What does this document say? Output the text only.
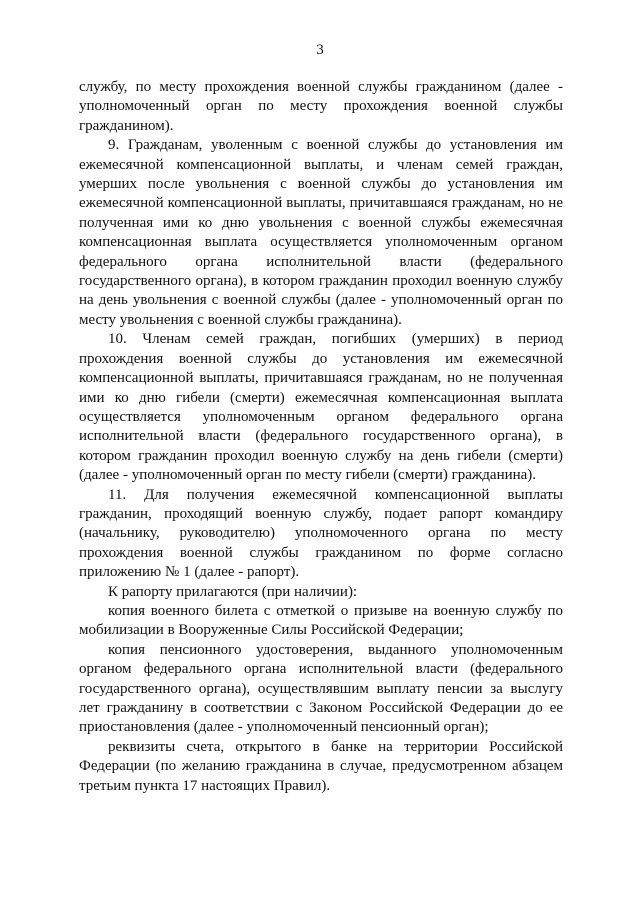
3

службу, по месту прохождения военной службы гражданином (далее - уполномоченный орган по месту прохождения военной службы гражданином).

9. Гражданам, уволенным с военной службы до установления им ежемесячной компенсационной выплаты, и членам семей граждан, умерших после увольнения с военной службы до установления им ежемесячной компенсационной выплаты, причитавшаяся гражданам, но не полученная ими ко дню увольнения с военной службы ежемесячная компенсационная выплата осуществляется уполномоченным органом федерального органа исполнительной власти (федерального государственного органа), в котором гражданин проходил военную службу на день увольнения с военной службы (далее - уполномоченный орган по месту увольнения с военной службы гражданина).

10. Членам семей граждан, погибших (умерших) в период прохождения военной службы до установления им ежемесячной компенсационной выплаты, причитавшаяся гражданам, но не полученная ими ко дню гибели (смерти) ежемесячная компенсационная выплата осуществляется уполномоченным органом федерального органа исполнительной власти (федерального государственного органа), в котором гражданин проходил военную службу на день гибели (смерти) (далее - уполномоченный орган по месту гибели (смерти) гражданина).

11. Для получения ежемесячной компенсационной выплаты гражданин, проходящий военную службу, подает рапорт командиру (начальнику, руководителю) уполномоченного органа по месту прохождения военной службы гражданином по форме согласно приложению № 1 (далее - рапорт).

К рапорту прилагаются (при наличии):

копия военного билета с отметкой о призыве на военную службу по мобилизации в Вооруженные Силы Российской Федерации;

копия пенсионного удостоверения, выданного уполномоченным органом федерального органа исполнительной власти (федерального государственного органа), осуществлявшим выплату пенсии за выслугу лет гражданину в соответствии с Законом Российской Федерации до ее приостановления (далее - уполномоченный пенсионный орган);

реквизиты счета, открытого в банке на территории Российской Федерации (по желанию гражданина в случае, предусмотренном абзацем третьим пункта 17 настоящих Правил).
